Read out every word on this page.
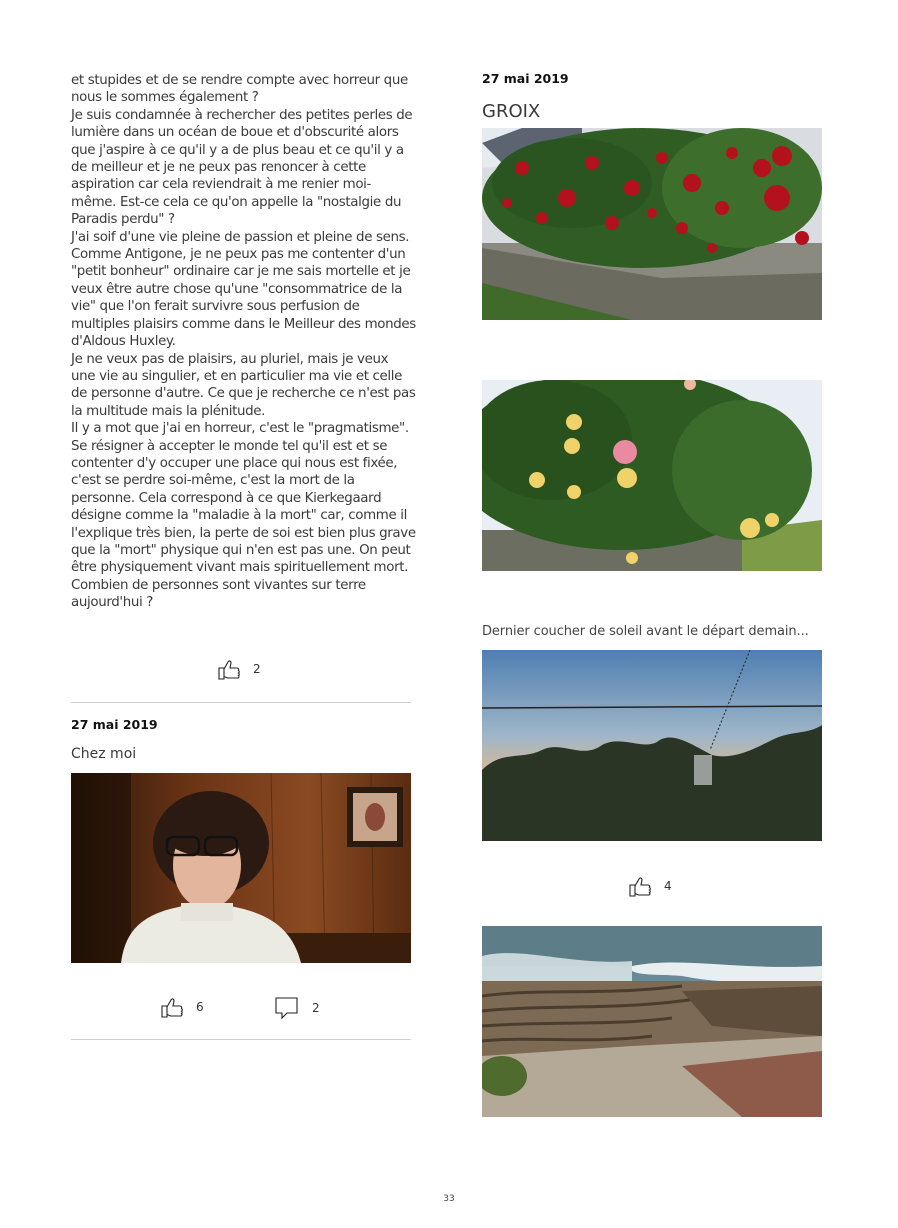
et stupides et de se rendre compte avec horreur que nous le sommes également ?

Je suis condamnée à rechercher des petites perles de lumière dans un océan de boue et d'obscurité alors que j'aspire à ce qu'il y a de plus beau et ce qu'il y a de meilleur et je ne peux pas renoncer à cette aspiration car cela reviendrait à me renier moi-même. Est-ce cela ce qu'on appelle la "nostalgie du Paradis perdu" ?

J'ai soif d'une vie pleine de passion et pleine de sens. Comme Antigone, je ne peux pas me contenter d'un "petit bonheur" ordinaire car je me sais mortelle et je veux être autre chose qu'une "consommatrice de la vie" que l'on ferait survivre sous perfusion de multiples plaisirs comme dans le Meilleur des mondes d'Aldous Huxley.

Je ne veux pas de plaisirs, au pluriel, mais je veux une vie au singulier, et en particulier ma vie et celle de personne d'autre. Ce que je recherche ce n'est pas la multitude mais la plénitude.

Il y a mot que j'ai en horreur, c'est le "pragmatisme". Se résigner à accepter le monde tel qu'il est et se contenter d'y occuper une place qui nous est fixée, c'est se perdre soi-même, c'est la mort de la personne. Cela correspond à ce que Kierkegaard désigne comme la "maladie à la mort" car, comme il l'explique très bien, la perte de soi est bien plus grave que la "mort" physique qui n'en est pas une. On peut être physiquement vivant mais spirituellement mort.

Combien de personnes sont vivantes sur terre aujourd'hui ?

2
27 mai 2019
Chez moi
6	2
27 mai 2019
GROIX
Dernier coucher de soleil avant le départ demain...
4
33
